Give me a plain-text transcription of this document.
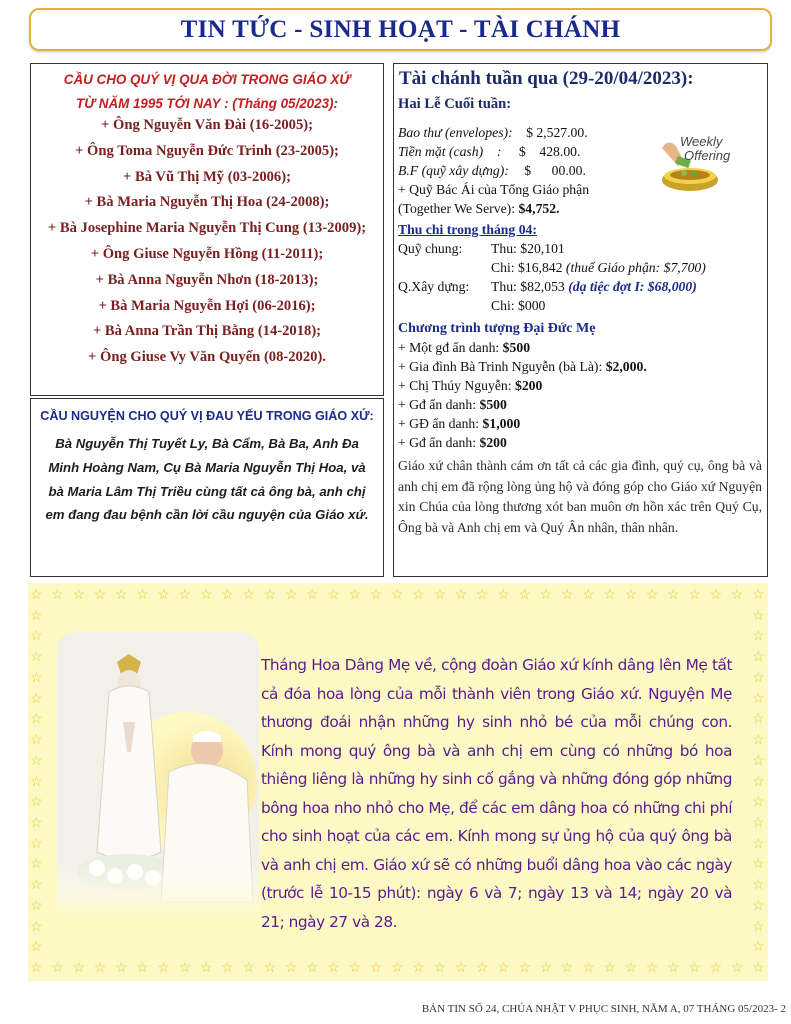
TIN TỨC - SINH HOẠT - TÀI CHÁNH
CẦU CHO QUÝ VỊ QUA ĐỜI TRONG GIÁO XỨ
TỪ NĂM 1995 TỚI NAY : (Tháng 05/2023):
+ Ông Nguyễn Văn Đài (16-2005);
+ Ông Toma Nguyễn Đức Trinh (23-2005);
+ Bà Vũ Thị Mỹ (03-2006);
+ Bà Maria Nguyễn Thị Hoa (24-2008);
+ Bà Josephine Maria Nguyễn Thị Cung (13-2009);
+ Ông Giuse Nguyễn Hồng (11-2011);
+ Bà Anna Nguyễn Nhơn (18-2013);
+ Bà Maria Nguyễn Hợi (06-2016);
+ Bà Anna Trần Thị Bằng (14-2018);
+ Ông Giuse Vy Văn Quyến (08-2020).
CẦU NGUYỆN CHO QUÝ VỊ ĐAU YẾU TRONG GIÁO XỨ:
Bà Nguyễn Thị Tuyết Ly, Bà Cẩm, Bà Ba, Anh Đa Minh Hoàng Nam, Cụ Bà Maria Nguyễn Thị Hoa, và bà Maria Lâm Thị Triều cùng tất cả ông bà, anh chị em đang đau bệnh cần lời cầu nguyện của Giáo xứ.
Tài chánh tuần qua (29-20/04/2023):
Hai Lễ Cuối tuần:
Bao thư (envelopes): $ 2,527.00.
Tiền mặt (cash)    : $    428.00.
B.F (quỹ xây dựng): $      00.00.
+ Quỹ Bác Ái của Tổng Giáo phận
(Together We Serve): $4,752.
Weekly
Offering
Thu chi trong tháng 04:
Quỹ chung: Thu: $20,101
Chi: $16,842 (thuế Giáo phận: $7,700)
Q.Xây dựng: Thu: $82,053 (dạ tiệc đợt I: $68,000)
Chi: $000
Chương trình tượng Đại Đức Mẹ
+ Một gđ ẩn danh: $500
+ Gia đình Bà Trinh Nguyễn (bà Là): $2,000.
+ Chị Thúy Nguyễn: $200
+ Gđ ẩn danh: $500
+ GĐ ẩn danh: $1,000
+ Gđ ẩn danh: $200
Giáo xứ chân thành cám ơn tất cả các gia đình, quý cụ, ông bà và anh chị em đã rộng lòng ủng hộ và đóng góp cho Giáo xứ Nguyện xin Chúa của lòng thương xót ban muôn ơn hồn xác trên Quý Cụ, Ông bà và Anh chị em và Quý Ân nhân, thân nhân.
☆
☆
☆
☆
☆
☆
☆
☆
☆
☆
☆
☆
☆
☆
☆
☆
☆
☆
☆
☆
☆
☆
☆
☆
☆
☆
☆
☆
☆
☆
☆
☆
☆
☆
☆
☆
☆
☆
☆
☆
☆
☆
☆
☆
☆
☆
☆
☆
☆
☆
☆
☆
☆
☆
☆
☆
☆
☆
☆
☆
☆
☆
☆
☆
☆
☆
☆
☆
☆
☆
☆	☆
☆	☆
☆	☆
☆	☆
☆	☆
☆	☆
☆	☆
☆	☆
☆	☆
☆	☆
☆	☆
☆	☆
☆	☆
☆	☆
☆	☆
☆	☆
☆	☆
Tháng Hoa Dâng Mẹ về, cộng đoàn Giáo xứ kính dâng lên Mẹ tất cả đóa hoa lòng của mỗi thành viên trong Giáo xứ. Nguyện Mẹ thương đoái nhận những hy sinh nhỏ bé của mỗi chúng con. Kính mong quý ông bà và anh chị em cùng có những bó hoa thiêng liêng là những hy sinh cố gắng và những đóng góp những bông hoa nho nhỏ cho Mẹ, để các em dâng hoa có những chi phí cho sinh hoạt của các em. Kính mong sự ủng hộ của quý ông bà và anh chị em. Giáo xứ sẽ có những buổi dâng hoa vào các ngày (trước lễ 10-15 phút): ngày 6 và 7; ngày 13 và 14; ngày 20 và 21; ngày 27 và 28.
BẢN TIN SỐ 24, CHÚA NHẬT V PHỤC SINH, NĂM A, 07 THÁNG 05/2023- 2
